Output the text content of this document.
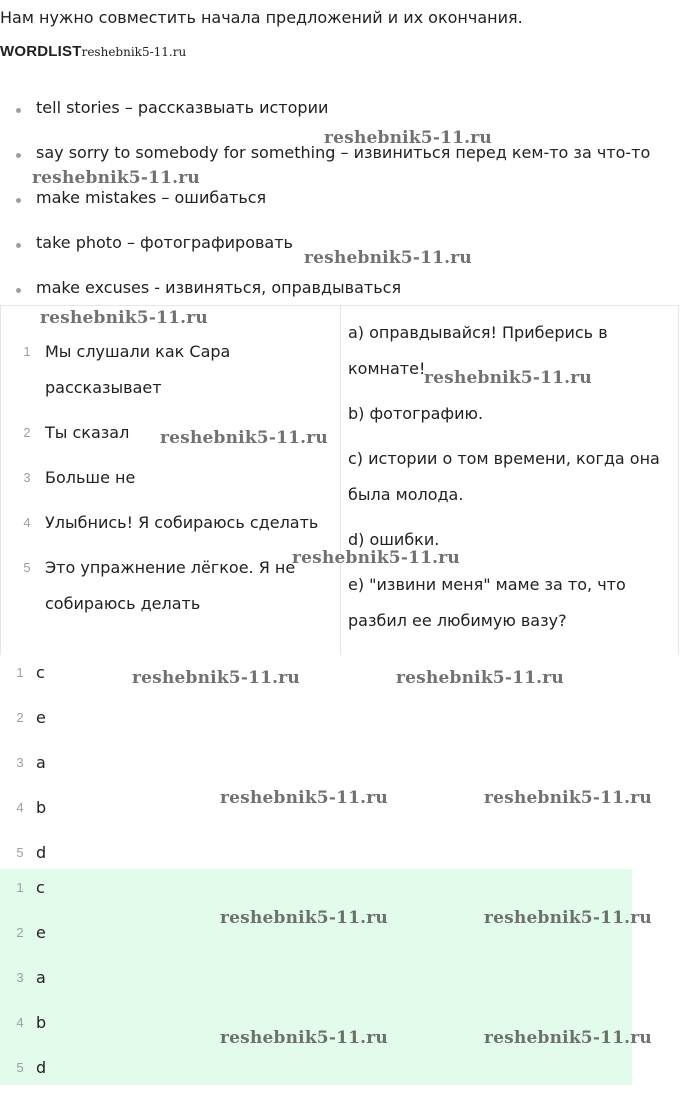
Нам нужно совместить начала предложений и их окончания.
WORDLISTreshebnik5-11.ru
tell stories – рассказвыать истории
say sorry to somebody for something – извиниться перед кем-то за что-то
make mistakes – ошибаться
take photo – фотографировать
make excuses - извиняться, оправдываться
1 Мы слушали как Сара рассказывает
2 Ты сказал
3 Больше не
4 Улыбнись! Я собираюсь сделать
5 Это упражнение лёгкое. Я не собираюсь делать

a) оправдывайся! Приберись в комнате!

b) фотографию.

c) истории о том времени, когда она была молода.

d) ошибки.

e) "извини меня" маме за то, что разбил ее любимую вазу?

1 c
2 e
3 a
4 b
5 d
1 c
2 e
3 a
4 b
5 d
reshebnik5-11.ru
reshebnik5-11.ru
reshebnik5-11.ru
reshebnik5-11.ru
reshebnik5-11.ru
reshebnik5-11.ru
reshebnik5-11.ru
reshebnik5-11.ru	reshebnik5-11.ru
reshebnik5-11.ru	reshebnik5-11.ru
reshebnik5-11.ru	reshebnik5-11.ru
reshebnik5-11.ru	reshebnik5-11.ru
